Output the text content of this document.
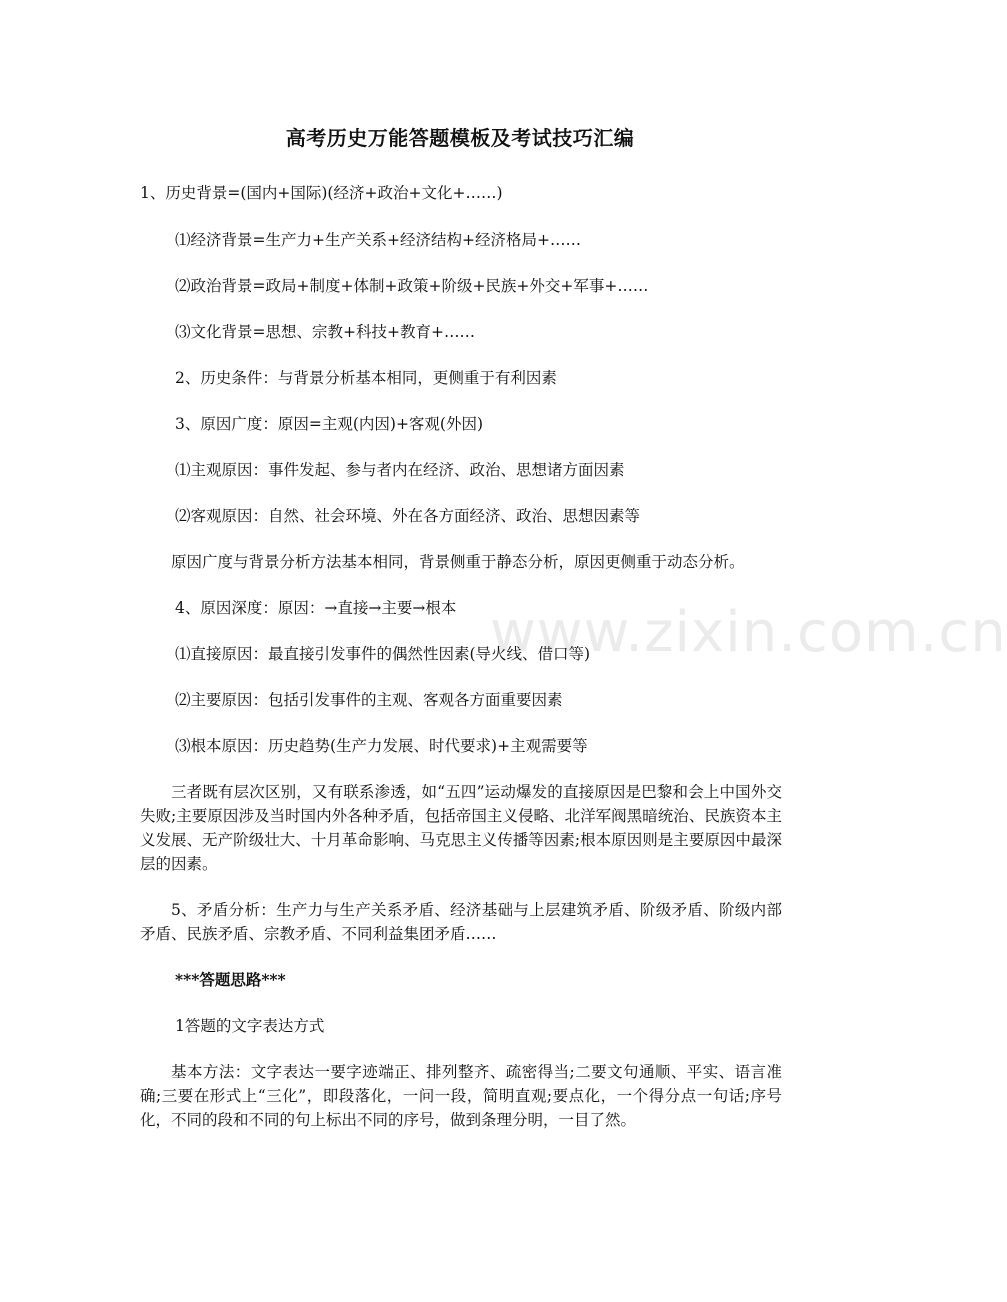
高考历史万能答题模板及考试技巧汇编

1、历史背景=(国内+国际)(经济+政治+文化+……)

⑴经济背景=生产力+生产关系+经济结构+经济格局+……

⑵政治背景=政局+制度+体制+政策+阶级+民族+外交+军事+……

⑶文化背景=思想、宗教+科技+教育+……

2、历史条件：与背景分析基本相同，更侧重于有利因素

3、原因广度：原因=主观(内因)+客观(外因)

⑴主观原因：事件发起、参与者内在经济、政治、思想诸方面因素

⑵客观原因：自然、社会环境、外在各方面经济、政治、思想因素等

原因广度与背景分析方法基本相同，背景侧重于静态分析，原因更侧重于动态分析。

4、原因深度：原因：→直接→主要→根本

⑴直接原因：最直接引发事件的偶然性因素(导火线、借口等)

⑵主要原因：包括引发事件的主观、客观各方面重要因素

⑶根本原因：历史趋势(生产力发展、时代要求)+主观需要等

三者既有层次区别，又有联系渗透，如“五四”运动爆发的直接原因是巴黎和会上中国外交失败;主要原因涉及当时国内外各种矛盾，包括帝国主义侵略、北洋军阀黑暗统治、民族资本主义发展、无产阶级壮大、十月革命影响、马克思主义传播等因素;根本原因则是主要原因中最深层的因素。

5、矛盾分析：生产力与生产关系矛盾、经济基础与上层建筑矛盾、阶级矛盾、阶级内部矛盾、民族矛盾、宗教矛盾、不同利益集团矛盾……

***答题思路***

1答题的文字表达方式

基本方法：文字表达一要字迹端正、排列整齐、疏密得当;二要文句通顺、平实、语言准确;三要在形式上“三化”，即段落化，一问一段，简明直观;要点化，一个得分点一句话;序号化，不同的段和不同的句上标出不同的序号，做到条理分明，一目了然。

www.zixin.com.cn
